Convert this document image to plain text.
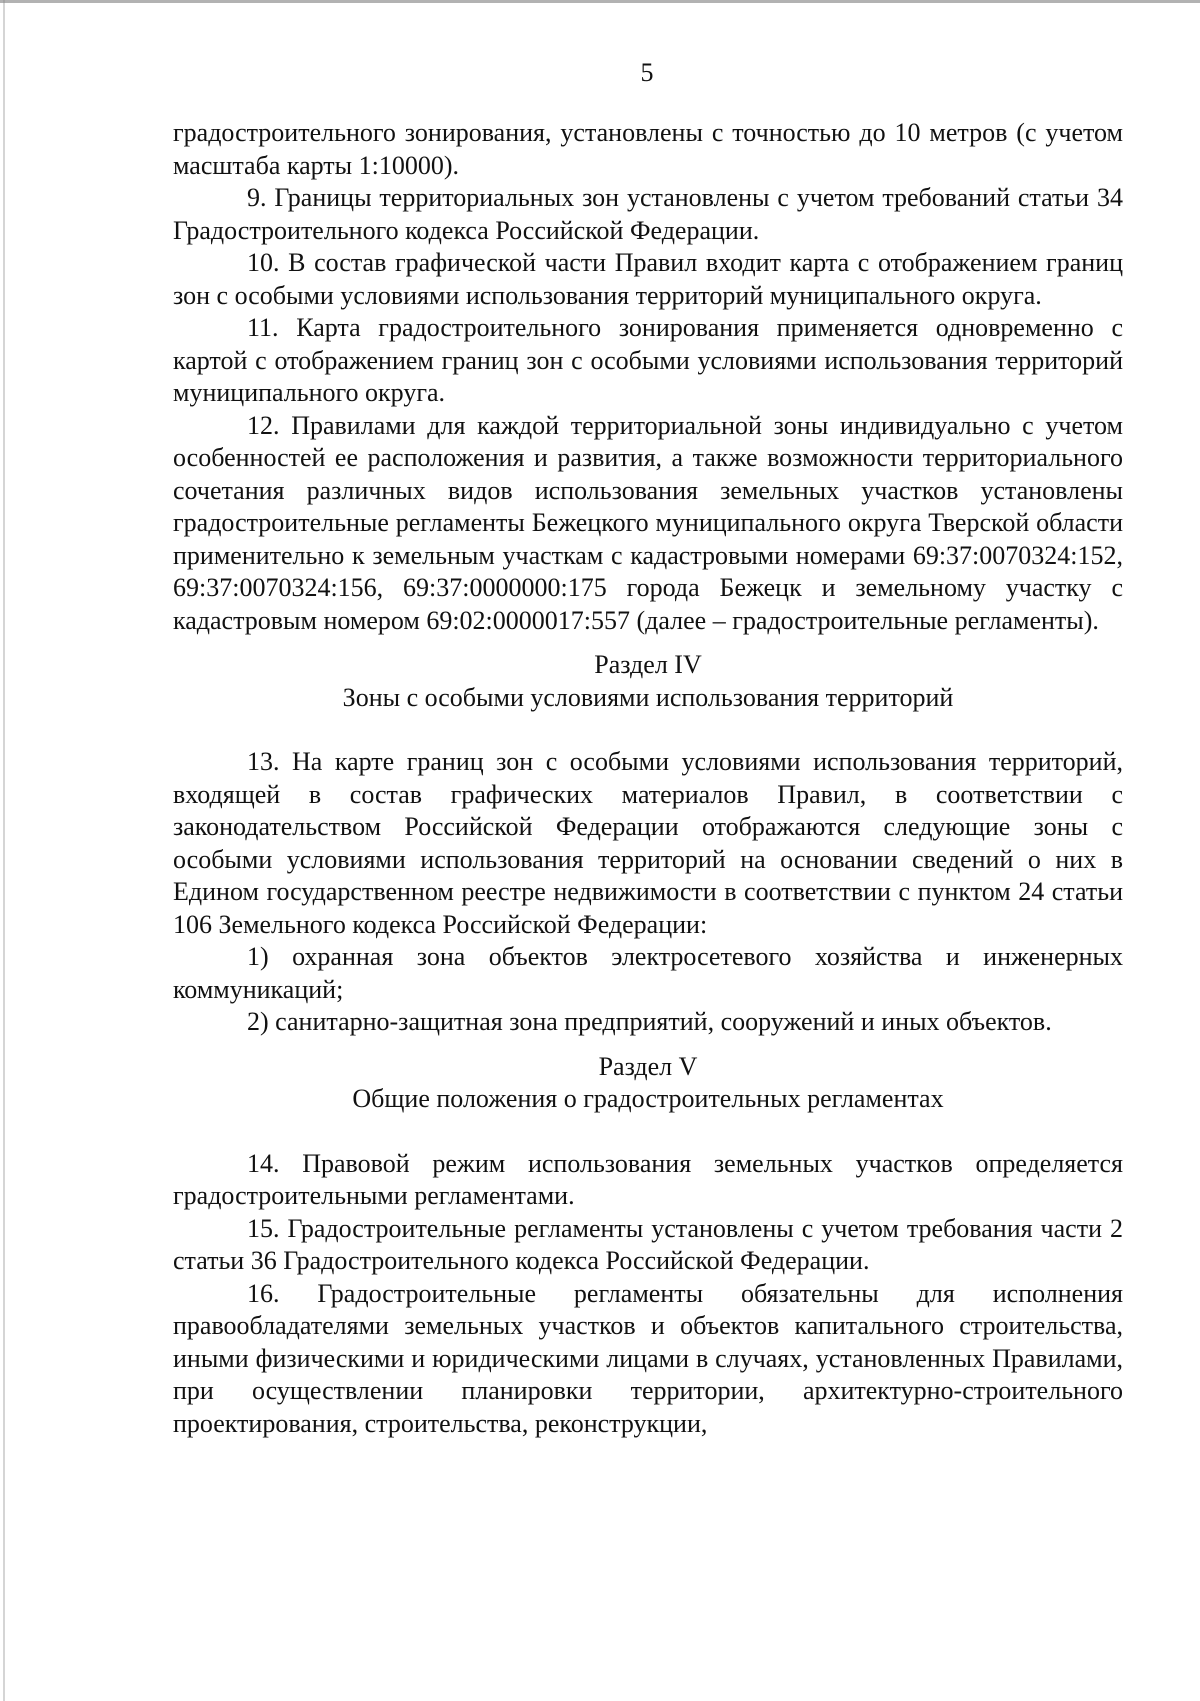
5

градостроительного зонирования, установлены с точностью до 10 метров (с учетом масштаба карты 1:10000).

9. Границы территориальных зон установлены с учетом требований статьи 34 Градостроительного кодекса Российской Федерации.

10. В состав графической части Правил входит карта с отображением границ зон с особыми условиями использования территорий муниципального округа.

11. Карта градостроительного зонирования применяется одновременно с картой с отображением границ зон с особыми условиями использования территорий муниципального округа.

12. Правилами для каждой территориальной зоны индивидуально с учетом особенностей ее расположения и развития, а также возможности территориального сочетания различных видов использования земельных участков установлены градостроительные регламенты Бежецкого муниципального округа Тверской области применительно к земельным участкам с кадастровыми номерами 69:37:0070324:152, 69:37:0070324:156, 69:37:0000000:175 города Бежецк и земельному участку с кадастровым номером 69:02:0000017:557 (далее – градостроительные регламенты).

Раздел IV

Зоны с особыми условиями использования территорий

13. На карте границ зон с особыми условиями использования территорий, входящей в состав графических материалов Правил, в соответствии с законодательством Российской Федерации отображаются следующие зоны с особыми условиями использования территорий на основании сведений о них в Едином государственном реестре недвижимости в соответствии с пунктом 24 статьи 106 Земельного кодекса Российской Федерации:

1) охранная зона объектов электросетевого хозяйства и инженерных коммуникаций;

2) санитарно-защитная зона предприятий, сооружений и иных объектов.

Раздел V

Общие положения о градостроительных регламентах

14. Правовой режим использования земельных участков определяется градостроительными регламентами.

15. Градостроительные регламенты установлены с учетом требования части 2 статьи 36 Градостроительного кодекса Российской Федерации.

16. Градостроительные регламенты обязательны для исполнения правообладателями земельных участков и объектов капитального строительства, иными физическими и юридическими лицами в случаях, установленных Правилами, при осуществлении планировки территории, архитектурно-строительного проектирования, строительства, реконструкции,
